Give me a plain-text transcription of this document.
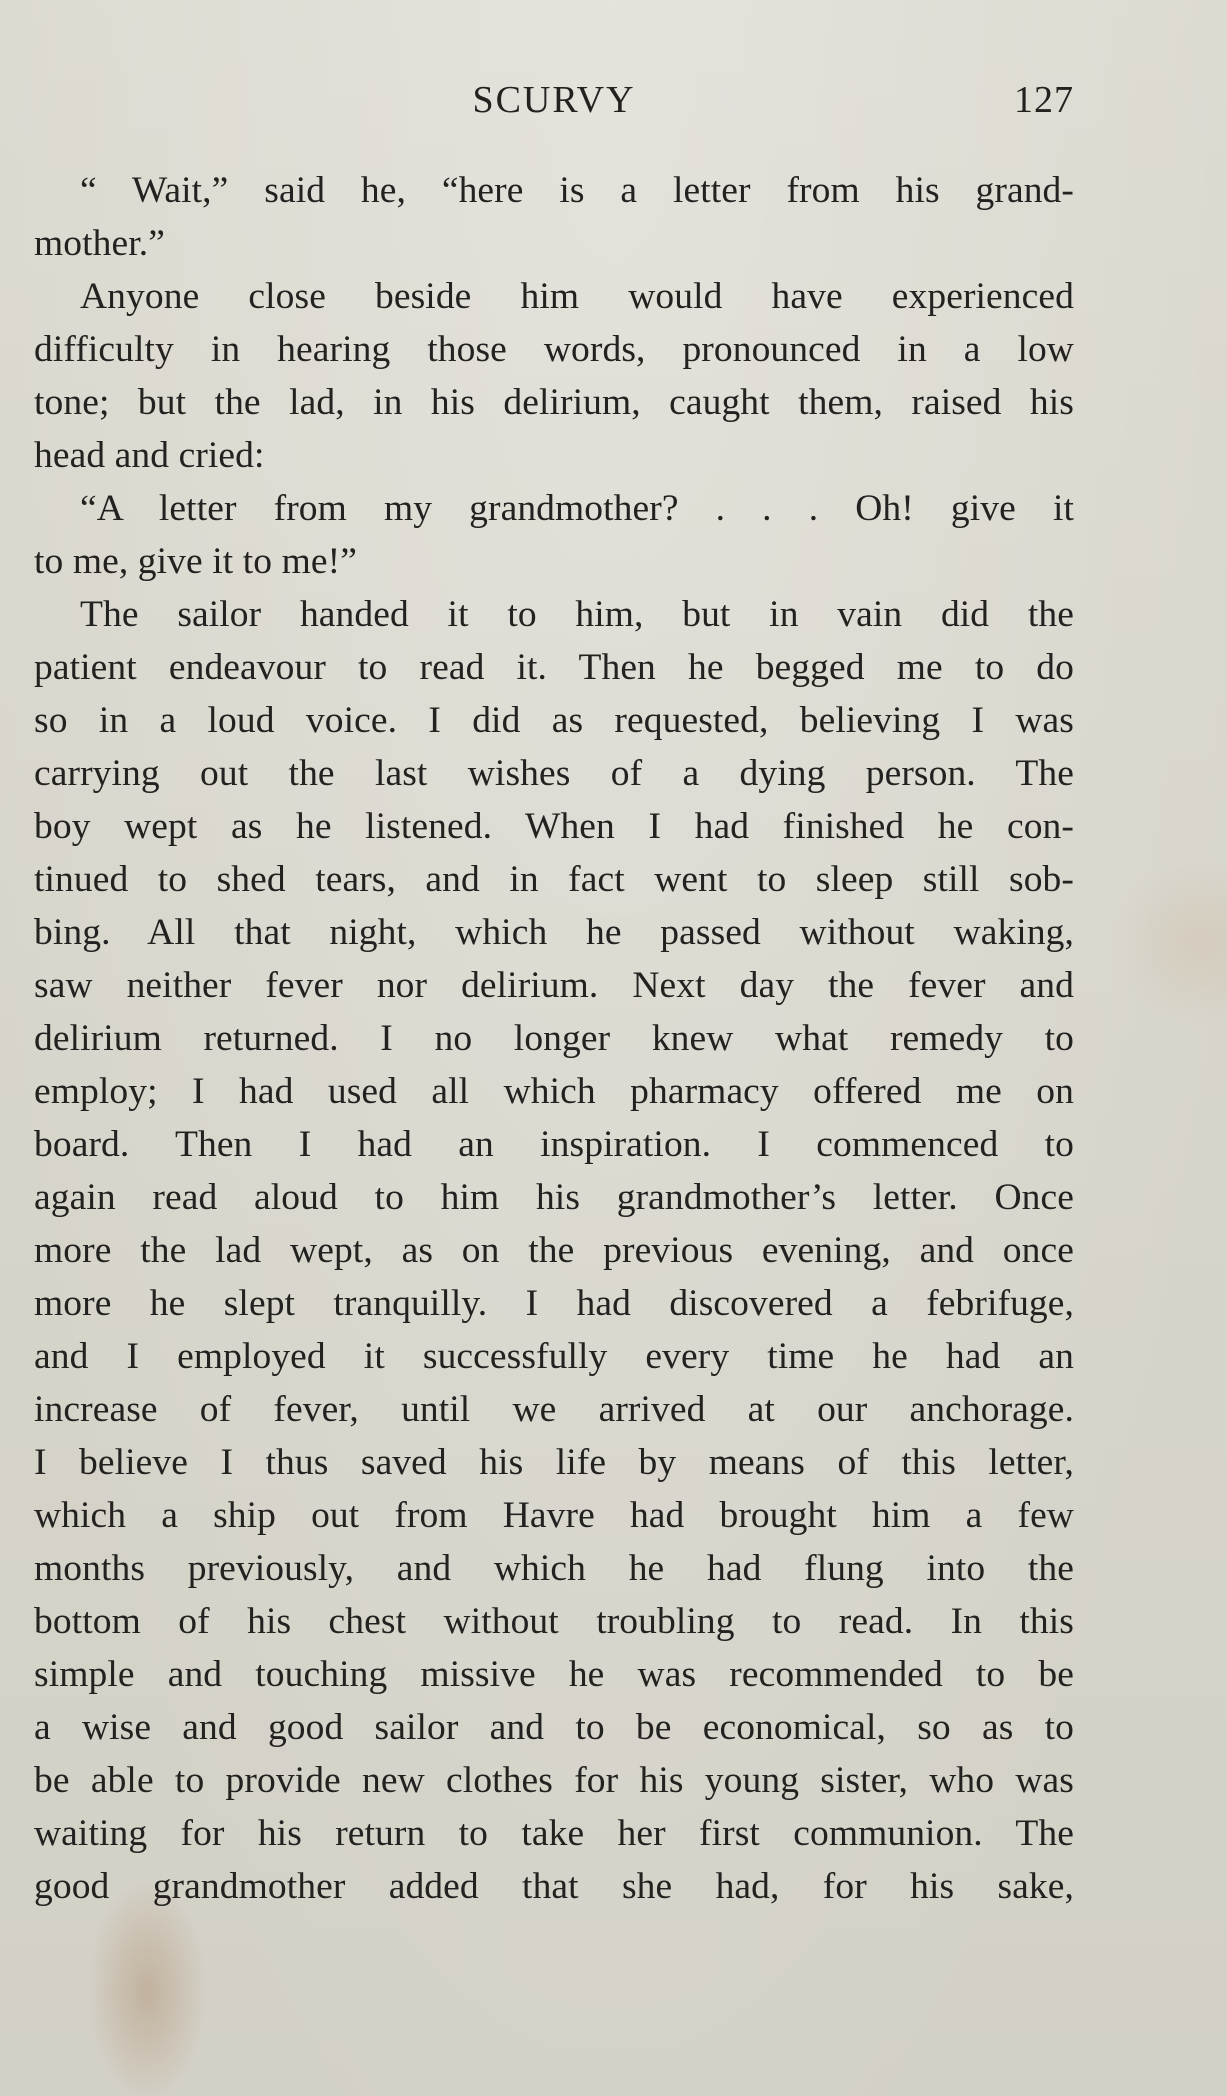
SCURVY	127
“ Wait,” said he, “here is a letter from his grand-
mother.”
Anyone close beside him would have experienced
difficulty in hearing those words, pronounced in a low
tone; but the lad, in his delirium, caught them, raised his
head and cried:
“A letter from my grandmother? . . . Oh! give it
to me, give it to me!”
The sailor handed it to him, but in vain did the
patient endeavour to read it. Then he begged me to do
so in a loud voice. I did as requested, believing I was
carrying out the last wishes of a dying person. The
boy wept as he listened. When I had finished he con-
tinued to shed tears, and in fact went to sleep still sob-
bing. All that night, which he passed without waking,
saw neither fever nor delirium. Next day the fever and
delirium returned. I no longer knew what remedy to
employ; I had used all which pharmacy offered me on
board. Then I had an inspiration. I commenced to
again read aloud to him his grandmother’s letter. Once
more the lad wept, as on the previous evening, and once
more he slept tranquilly. I had discovered a febrifuge,
and I employed it successfully every time he had an
increase of fever, until we arrived at our anchorage.
I believe I thus saved his life by means of this letter,
which a ship out from Havre had brought him a few
months previously, and which he had flung into the
bottom of his chest without troubling to read. In this
simple and touching missive he was recommended to be
a wise and good sailor and to be economical, so as to
be able to provide new clothes for his young sister, who was
waiting for his return to take her first communion. The
good grandmother added that she had, for his sake,
